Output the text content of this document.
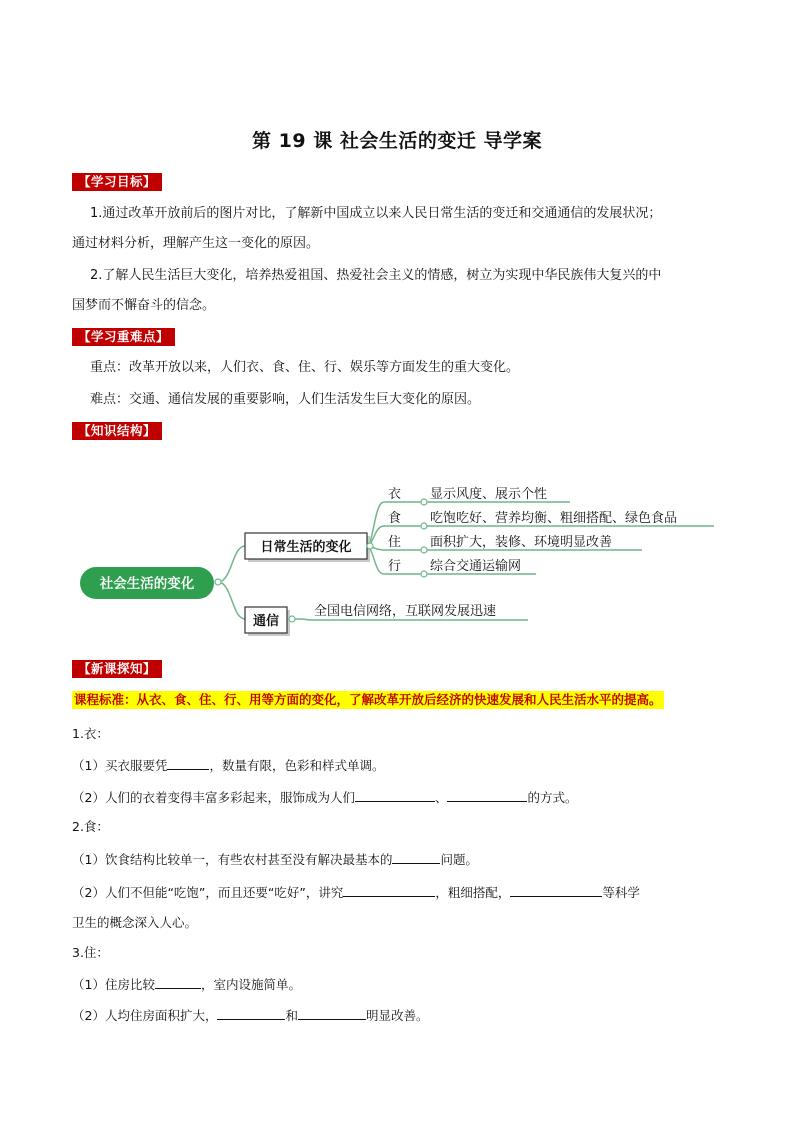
第 19 课 社会生活的变迁 导学案
【学习目标】
1.通过改革开放前后的图片对比，了解新中国成立以来人民日常生活的变迁和交通通信的发展状况；
通过材料分析，理解产生这一变化的原因。
2.了解人民生活巨大变化，培养热爱祖国、热爱社会主义的情感，树立为实现中华民族伟大复兴的中
国梦而不懈奋斗的信念。
【学习重难点】
重点：改革开放以来，人们衣、食、住、行、娱乐等方面发生的重大变化。
难点：交通、通信发展的重要影响，人们生活发生巨大变化的原因。
【知识结构】
社会生活的变化
日常生活的变化
通信
全国电信网络，互联网发展迅速
衣 显示风度、展示个性
食 吃饱吃好、营养均衡、粗细搭配、绿色食品
住 面积扩大，装修、环境明显改善
行 综合交通运输网
【新课探知】
课程标准：从衣、食、住、行、用等方面的变化，了解改革开放后经济的快速发展和人民生活水平的提高。
1.衣：
（1）买衣服要凭	，数量有限，色彩和样式单调。
（2）人们的衣着变得丰富多彩起来，服饰成为人们	、	的方式。
2.食：
（1）饮食结构比较单一，有些农村甚至没有解决最基本的	问题。
（2）人们不但能“吃饱”，而且还要“吃好”，讲究	，粗细搭配，	等科学
卫生的概念深入人心。
3.住：
（1）住房比较	，室内设施简单。
（2）人均住房面积扩大，	和	明显改善。
